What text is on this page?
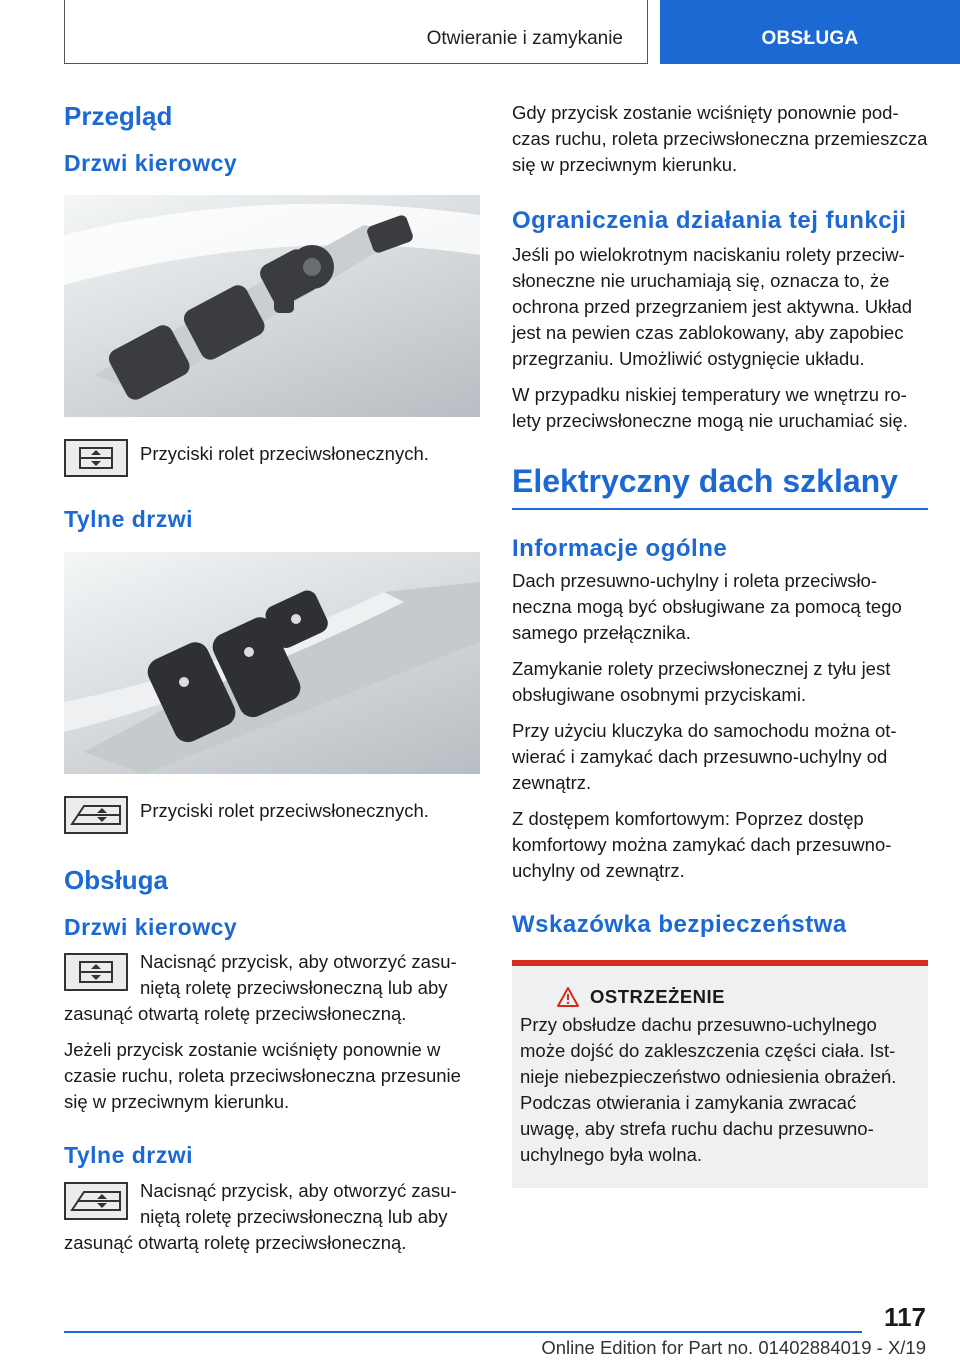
Otwieranie i zamykanie	OBSŁUGA
Przegląd
Drzwi kierowcy
Przyciski rolet przeciwsłonecznych.
Tylne drzwi
Przyciski rolet przeciwsłonecznych.
Obsługa
Drzwi kierowcy

Nacisnąć przycisk, aby otworzyć zasuniętą roletę przeciwsłoneczną lub aby zasunąć otwartą roletę przeciwsłoneczną.

Jeżeli przycisk zostanie wciśnięty ponownie w czasie ruchu, roleta przeciwsłoneczna przesunie się w przeciwnym kierunku.

Tylne drzwi

Nacisnąć przycisk, aby otworzyć zasuniętą roletę przeciwsłoneczną lub aby zasunąć otwartą roletę przeciwsłoneczną.

Gdy przycisk zostanie wciśnięty ponownie podczas ruchu, roleta przeciwsłoneczna przemieszcza się w przeciwnym kierunku.

Ograniczenia działania tej funkcji

Jeśli po wielokrotnym naciskaniu rolety przeciwsłoneczne nie uruchamiają się, oznacza to, że ochrona przed przegrzaniem jest aktywna. Układ jest na pewien czas zablokowany, aby zapobiec przegrzaniu. Umożliwić ostygnięcie układu.

W przypadku niskiej temperatury we wnętrzu rolety przeciwsłoneczne mogą nie uruchamiać się.

Elektryczny dach szklany
Informacje ogólne

Dach przesuwno-uchylny i roleta przeciwsłoneczna mogą być obsługiwane za pomocą tego samego przełącznika.

Zamykanie rolety przeciwsłonecznej z tyłu jest obsługiwane osobnymi przyciskami.

Przy użyciu kluczyka do samochodu można otwierać i zamykać dach przesuwno-uchylny od zewnątrz.

Z dostępem komfortowym: Poprzez dostęp komfortowy można zamykać dach przesuwno-uchylny od zewnątrz.

Wskazówka bezpieczeństwa
OSTRZEŻENIE

Przy obsłudze dachu przesuwno-uchylnego może dojść do zakleszczenia części ciała. Istnieje niebezpieczeństwo odniesienia obrażeń. Podczas otwierania i zamykania zwracać uwagę, aby strefa ruchu dachu przesuwno-uchylnego była wolna.

117
Online Edition for Part no. 01402884019 - X/19
